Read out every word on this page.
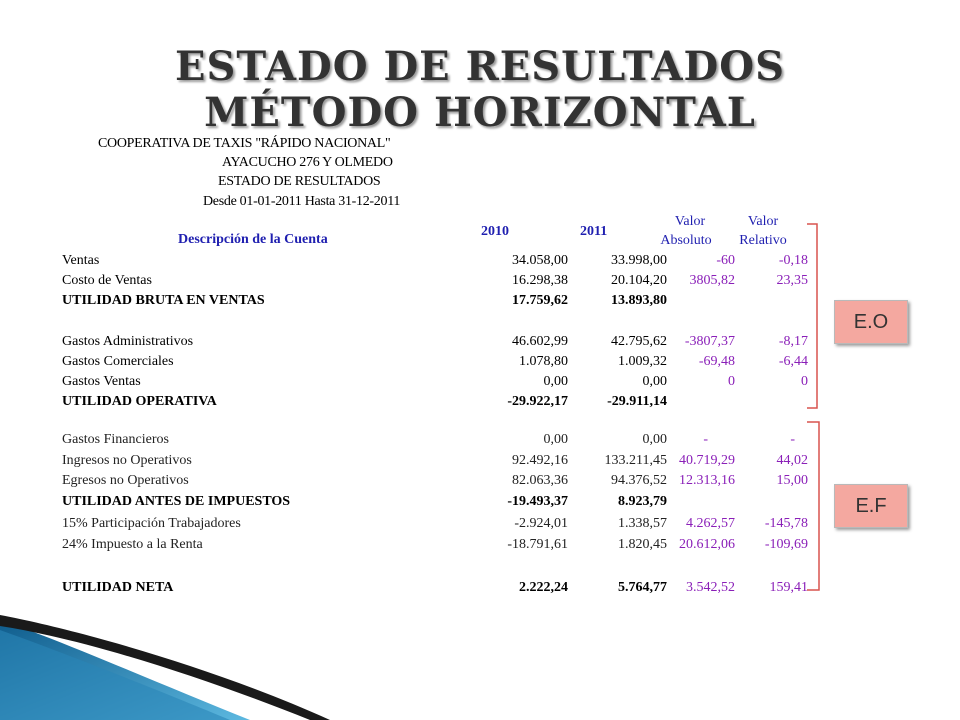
ESTADO DE RESULTADOS
MÉTODO HORIZONTAL
COOPERATIVA DE TAXIS "RÁPIDO NACIONAL"
AYACUCHO 276 Y OLMEDO
ESTADO DE RESULTADOS
Desde 01-01-2011 Hasta 31-12-2011
Descripción de la Cuenta
2010	2011
Valor
Absoluto
Valor
Relativo
Ventas	34.058,00	33.998,00	-60	-0,18
Costo de Ventas	16.298,38	20.104,20 3805,82	23,35
UTILIDAD BRUTA EN VENTAS	17.759,62	13.893,80
Gastos Administrativos	46.602,99	42.795,62 -3807,37	-8,17
Gastos Comerciales	1.078,80	1.009,32 -69,48	-6,44
Gastos Ventas	0,00	0,00	0	0
UTILIDAD OPERATIVA	-29.922,17	-29.911,14
Gastos Financieros	0,00	0,00	-	-
Ingresos no Operativos	92.492,16	133.211,45 40.719,29	44,02
Egresos no Operativos	82.063,36	94.376,52 12.313,16	15,00
UTILIDAD ANTES DE IMPUESTOS	-19.493,37	8.923,79
15% Participación Trabajadores	-2.924,01	1.338,57 4.262,57 -145,78
24% Impuesto a la Renta	-18.791,61	1.820,45 20.612,06 -109,69
UTILIDAD NETA	2.222,24	5.764,77 3.542,52 159,41
E.O
E.F
